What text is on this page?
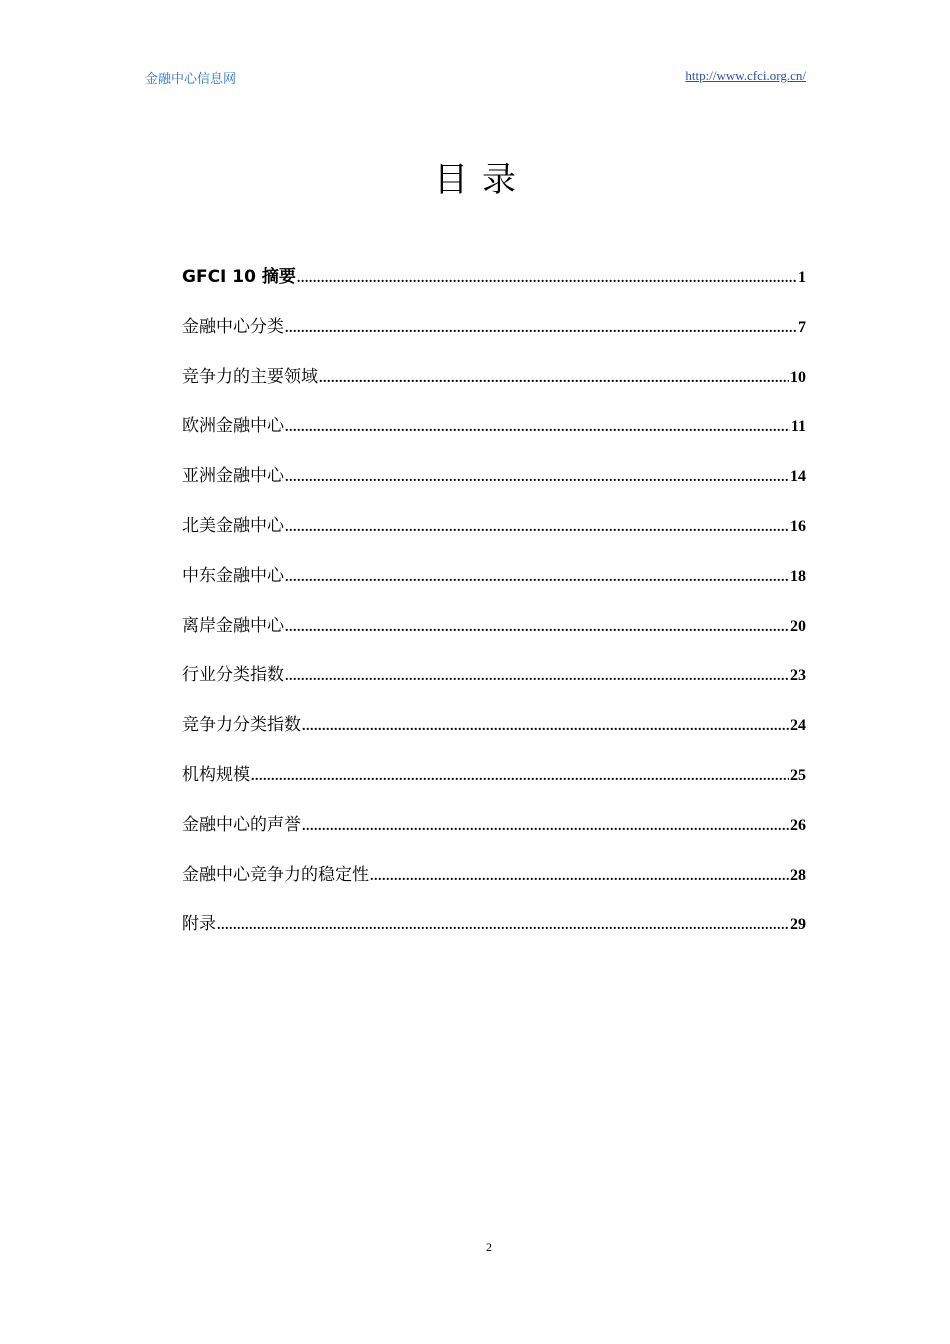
金融中心信息网	http://www.cfci.org.cn/
目录
GFCI 10 摘要 .....	1
金融中心分类 .....	7
竞争力的主要领域 .....	10
欧洲金融中心 .....	11
亚洲金融中心 .....	14
北美金融中心 .....	16
中东金融中心 .....	18
离岸金融中心 .....	20
行业分类指数 .....	23
竞争力分类指数 .....	24
机构规模 .....	25
金融中心的声誉 .....	26
金融中心竞争力的稳定性 .....	28
附录 .....	29
2
